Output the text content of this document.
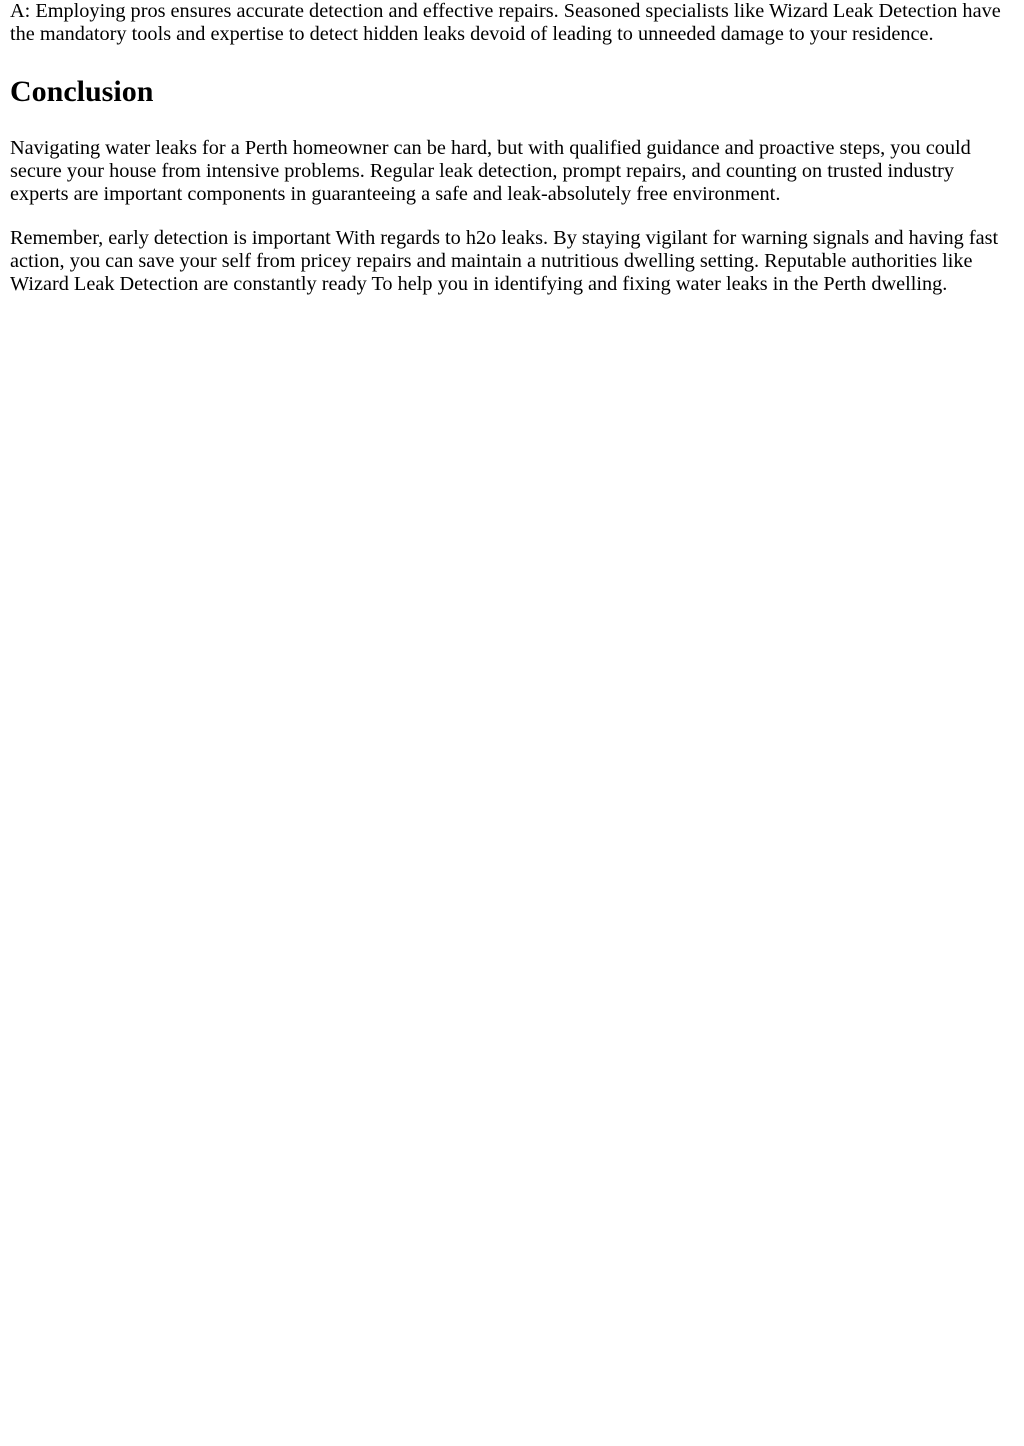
A: Employing pros ensures accurate detection and effective repairs. Seasoned specialists like Wizard Leak Detection have the mandatory tools and expertise to detect hidden leaks devoid of leading to unneeded damage to your residence.

Conclusion

Navigating water leaks for a Perth homeowner can be hard, but with qualified guidance and proactive steps, you could secure your house from intensive problems. Regular leak detection, prompt repairs, and counting on trusted industry experts are important components in guaranteeing a safe and leak-absolutely free environment.

Remember, early detection is important With regards to h2o leaks. By staying vigilant for warning signals and having fast action, you can save your self from pricey repairs and maintain a nutritious dwelling setting. Reputable authorities like Wizard Leak Detection are constantly ready To help you in identifying and fixing water leaks in the Perth dwelling.
